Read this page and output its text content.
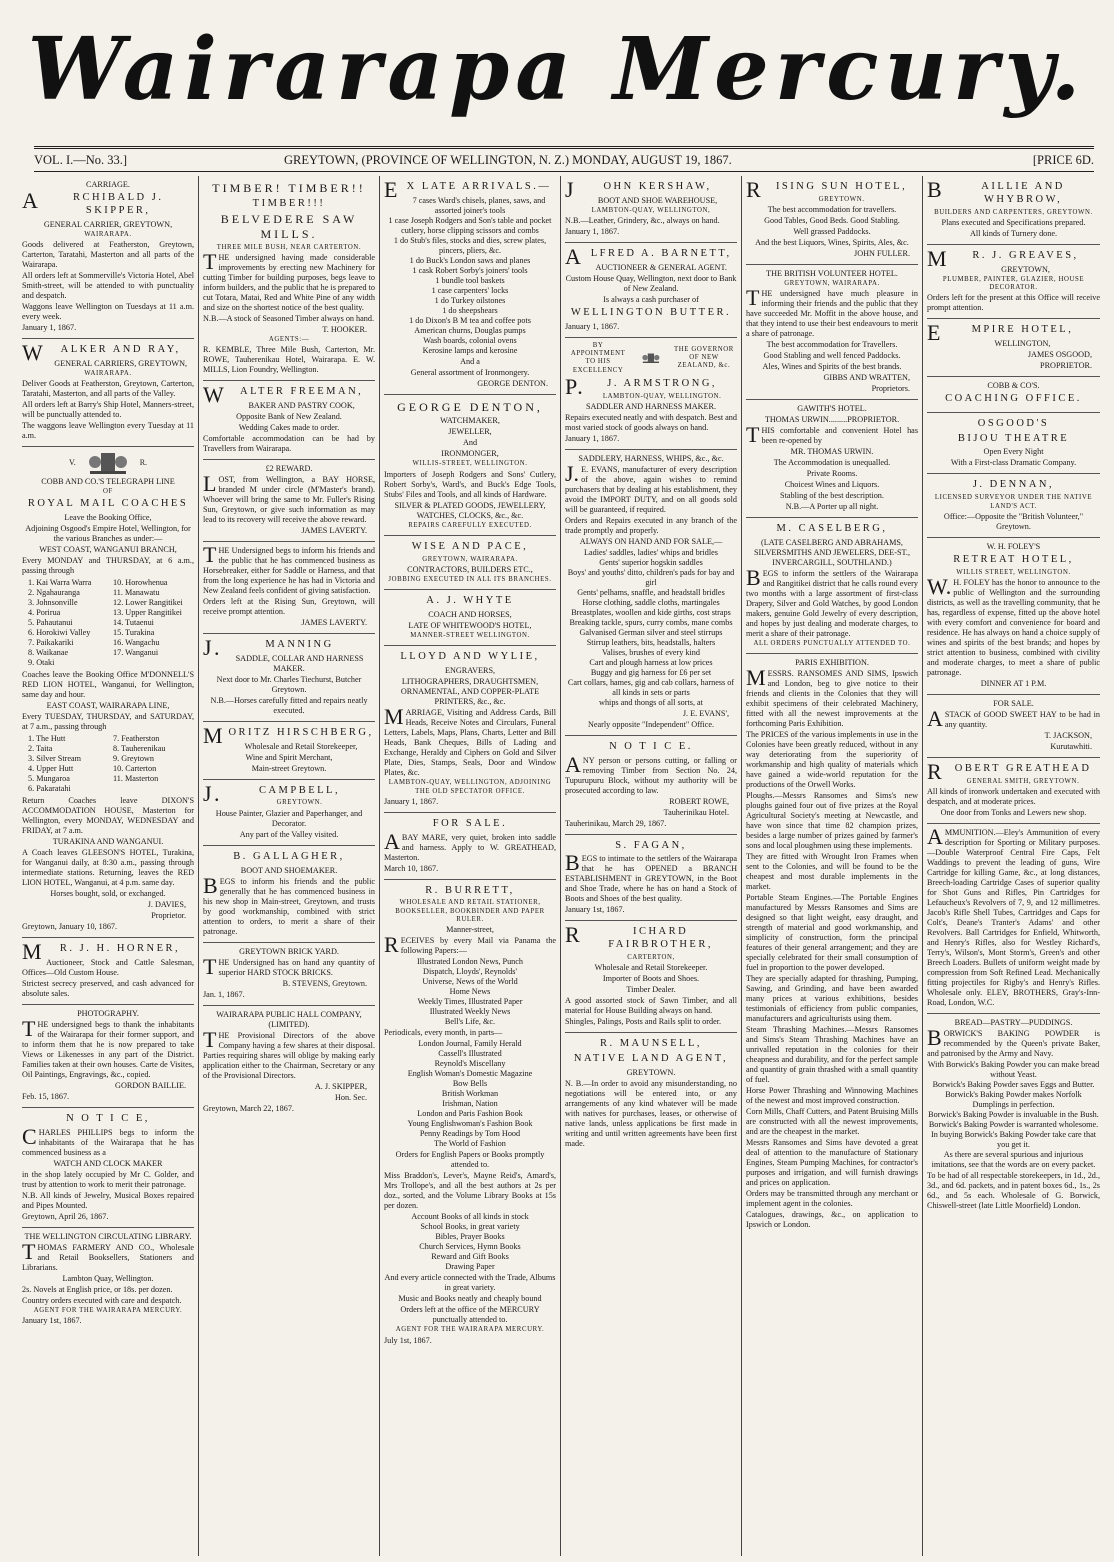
Wairarapa Mercury.
VOL. I.—No. 33.]	GREYTOWN, (PROVINCE OF WELLINGTON, N. Z.) MONDAY, AUGUST 19, 1867.	[PRICE 6D.
CARRIAGE.
ARCHIBALD J. SKIPPER,
GENERAL CARRIER, GREYTOWN,
WAIRARAPA.
Goods delivered at Featherston, Greytown, Carterton, Taratahi, Masterton and all parts of the Wairarapa.
All orders left at Sommerville's Victoria Hotel, Abel Smith-street, will be attended to with punctuality and despatch.
Waggons leave Wellington on Tuesdays at 11 a.m. every week.
January 1, 1867.
WALKER AND RAY,
GENERAL CARRIERS, GREYTOWN,
WAIRARAPA.
Deliver Goods at Featherston, Greytown, Carterton, Taratahi, Masterton, and all parts of the Valley.
All orders left at Barry's Ship Hotel, Manners-street, will be punctually attended to.
The waggons leave Wellington every Tuesday at 11 a.m.
V.	R.
COBB AND CO.'S TELEGRAPH LINE
OF
ROYAL MAIL COACHES
Leave the Booking Office,
Adjoining Osgood's Empire Hotel, Wellington, for the various Branches as under:—
WEST COAST, WANGANUI BRANCH,
Every MONDAY and THURSDAY, at 6 a.m., passing through
1. Kai Warra Warra	10. Horowhenua
2. Ngahauranga	11. Manawatu
3. Johnsonville	12. Lower Rangitikei
4. Porirua	13. Upper Rangitikei
5. Pahautanui	14. Tutaenui
6. Horokiwi Valley	15. Turakina
7. Paikakariki	16. Wangachu
8. Waikanae	17. Wanganui
9. Otaki
Coaches leave the Booking Office M'DONNELL'S RED LION HOTEL, Wanganui, for Wellington, same day and hour.
EAST COAST, WAIRARAPA LINE,
Every TUESDAY, THURSDAY, and SATURDAY, at 7 a.m., passing through
1. The Hutt	7. Featherston
2. Taita	8. Tauherenikau
3. Silver Stream	9. Greytown
4. Upper Hutt	10. Carterton
5. Mungaroa	11. Masterton
6. Pakaratahi
Return Coaches leave DIXON'S ACCOMMODATION HOUSE, Masterton for Wellington, every MONDAY, WEDNESDAY and FRIDAY, at 7 a.m.
TURAKINA AND WANGANUI.
A Coach leaves GLEESON'S HOTEL, Turakina, for Wanganui daily, at 8:30 a.m., passing through intermediate stations. Returning, leaves the RED LION HOTEL, Wanganui, at 4 p.m. same day.
Horses bought, sold, or exchanged.
J. DAVIES,
Proprietor.
Greytown, January 10, 1867.
MR. J. H. HORNER,
Auctioneer, Stock and Cattle Salesman, Offices—Old Custom House.
Strictest secrecy preserved, and cash advanced for absolute sales.
PHOTOGRAPHY.
THE undersigned begs to thank the inhabitants of the Wairarapa for their former support, and to inform them that he is now prepared to take Views or Likenesses in any part of the District. Families taken at their own houses. Carte de Visites, Oil Paintings, Engravings, &c., copied.
GORDON BAILLIE.
Feb. 15, 1867.
N O T I C E,
CHARLES PHILLIPS begs to inform the inhabitants of the Wairarapa that he has commenced business as a
WATCH AND CLOCK MAKER
in the shop lately occupied by Mr C. Golder, and trust by attention to work to merit their patronage.
N.B. All kinds of Jewelry, Musical Boxes repaired and Pipes Mounted.
Greytown, April 26, 1867.
THE WELLINGTON CIRCULATING LIBRARY.
THOMAS FARMERY AND CO., Wholesale and Retail Booksellers, Stationers and Librarians.
Lambton Quay, Wellington.
2s. Novels at English price, or 18s. per dozen.
Country orders executed with care and despatch.
AGENT FOR THE WAIRARAPA MERCURY.
January 1st, 1867.
TIMBER! TIMBER!!
TIMBER!!!
BELVEDERE SAW MILLS.
THREE MILE BUSH, NEAR CARTERTON.
THE undersigned having made considerable improvements by erecting new Machinery for cutting Timber for building purposes, begs leave to inform builders, and the public that he is prepared to cut Totara, Matai, Red and White Pine of any width and size on the shortest notice of the best quality.
N.B.—A stock of Seasoned Timber always on hand.
T. HOOKER.
AGENTS:—
R. KEMBLE, Three Mile Bush, Carterton, Mr. ROWE, Tauherenikau Hotel, Wairarapa. E. W. MILLS, Lion Foundry, Wellington.
WALTER FREEMAN,
BAKER AND PASTRY COOK,
Opposite Bank of New Zealand.
Wedding Cakes made to order.
Comfortable accommodation can be had by Travellers from Wairarapa.
£2 REWARD.
LOST, from Wellington, a BAY HORSE, branded M under circle (M'Master's brand). Whoever will bring the same to Mr. Fuller's Rising Sun, Greytown, or give such information as may lead to its recovery will receive the above reward.
JAMES LAVERTY.
THE Undersigned begs to inform his friends and the public that he has commenced business as Horsebreaker, either for Saddle or Harness, and that from the long experience he has had in Victoria and New Zealand feels confident of giving satisfaction.
Orders left at the Rising Sun, Greytown, will receive prompt attention.
JAMES LAVERTY.
J.MANNING
SADDLE, COLLAR AND HARNESS MAKER.
Next door to Mr. Charles Tiechurst, Butcher Greytown.
N.B.—Horses carefully fitted and repairs neatly executed.
MORITZ HIRSCHBERG,
Wholesale and Retail Storekeeper,
Wine and Spirit Merchant,
Main-street Greytown.
J.CAMPBELL,
GREYTOWN.
House Painter, Glazier and Paperhanger, and Decorator.
Any part of the Valley visited.
B. GALLAGHER,
BOOT AND SHOEMAKER.
BEGS to inform his friends and the public generally that he has commenced business in his new shop in Main-street, Greytown, and trusts by good workmanship, combined with strict attention to orders, to merit a share of their patronage.
GREYTOWN BRICK YARD.
THE Undersigned has on hand any quantity of superior HARD STOCK BRICKS.
B. STEVENS, Greytown.
Jan. 1, 1867.
WAIRARAPA PUBLIC HALL COMPANY, (LIMITED).
THE Provisional Directors of the above Company having a few shares at their disposal. Parties requiring shares will oblige by making early application either to the Chairman, Secretary or any of the Provisional Directors.
A. J. SKIPPER,
Hon. Sec.
Greytown, March 22, 1867.
EX LATE ARRIVALS.—
7 cases Ward's chisels, planes, saws, and assorted joiner's tools
1 case Joseph Rodgers and Son's table and pocket cutlery, horse clipping scissors and combs
1 do Stub's files, stocks and dies, screw plates, pincers, pliers, &c.
1 do Buck's London saws and planes
1 cask Robert Sorby's joiners' tools
1 bundle tool baskets
1 case carpenters' locks
1 do Turkey oilstones
1 do sheepshears
1 do Dixon's B M tea and coffee pots
American churns, Douglas pumps
Wash boards, colonial ovens
Kerosine lamps and kerosine
And a
General assortment of Ironmongery.
GEORGE DENTON.
GEORGE DENTON,
WATCHMAKER,
JEWELLER,
And
IRONMONGER,
WILLIS-STREET, WELLINGTON.
Importers of Joseph Rodgers and Sons' Cutlery, Robert Sorby's, Ward's, and Buck's Edge Tools, Stubs' Files and Tools, and all kinds of Hardware.
SILVER & PLATED GOODS, JEWELLERY, WATCHES, CLOCKS, &c., &c.
REPAIRS CAREFULLY EXECUTED.
WISE AND PACE,
GREYTOWN, WAIRARAPA.
CONTRACTORS, BUILDERS ETC.,
JOBBING EXECUTED IN ALL ITS BRANCHES.
A. J. WHYTE
COACH AND HORSES,
LATE OF WHITEWOOD'S HOTEL,
MANNER-STREET WELLINGTON.
LLOYD AND WYLIE,
ENGRAVERS,
LITHOGRAPHERS, DRAUGHTSMEN, ORNAMENTAL, AND COPPER-PLATE PRINTERS, &c., &c.
MARRIAGE, Visiting and Address Cards, Bill Heads, Receive Notes and Circulars, Funeral Letters, Labels, Maps, Plans, Charts, Letter and Bill Heads, Bank Cheques, Bills of Lading and Exchange, Heraldy and Ciphers on Gold and Silver Plate, Dies, Stamps, Seals, Door and Window Plates, &c.
LAMBTON-QUAY, WELLINGTON, ADJOINING THE OLD SPECTATOR OFFICE.
January 1, 1867.
FOR SALE.
ABAY MARE, very quiet, broken into saddle and harness. Apply to W. GREATHEAD, Masterton.
March 10, 1867.
R. BURRETT,
WHOLESALE AND RETAIL STATIONER, BOOKSELLER, BOOKBINDER AND PAPER RULER.
Manner-street,
RECEIVES by every Mail via Panama the following Papers:—
Illustrated London News, Punch
Dispatch, Lloyds', Reynolds'
Universe, News of the World
Home News
Weekly Times, Illustrated Paper
Illustrated Weekly News
Bell's Life, &c.
Periodicals, every month, in parts—
London Journal, Family Herald
Cassell's Illustrated
Reynold's Miscellany
English Woman's Domestic Magazine
Bow Bells
British Workman
Irishman, Nation
London and Paris Fashion Book
Young Englishwoman's Fashion Book
Penny Readings by Tom Hood
The World of Fashion
Orders for English Papers or Books promptly attended to.
Miss Braddon's, Lever's, Mayne Reid's, Amard's, Mrs Trollope's, and all the best authors at 2s per doz., sorted, and the Volume Library Books at 15s per dozen.
Account Books of all kinds in stock
School Books, in great variety
Bibles, Prayer Books
Church Services, Hymn Books
Reward and Gift Books
Drawing Paper
And every article connected with the Trade, Albums in great variety.
Music and Books neatly and cheaply bound
Orders left at the office of the MERCURY punctually attended to.
AGENT FOR THE WAIRARAPA MERCURY.
July 1st, 1867.
JOHN KERSHAW,
BOOT AND SHOE WAREHOUSE,
LAMBTON-QUAY, WELLINGTON,
N.B.—Leather, Grindery, &c., always on hand.
January 1, 1867.
ALFRED A. BARNETT,
AUCTIONEER & GENERAL AGENT.
Custom House Quay, Wellington, next door to Bank of New Zealand.
Is always a cash purchaser of
WELLINGTON BUTTER.
January 1, 1867.
BY APPOINTMENT TO HIS EXCELLENCY
THE GOVERNOR OF NEW ZEALAND, &c.
P.J. ARMSTRONG,
LAMBTON-QUAY, WELLINGTON.
SADDLER AND HARNESS MAKER.
Repairs executed neatly and with despatch. Best and most varied stock of goods always on hand.
January 1, 1867.
SADDLERY, HARNESS, WHIPS, &c., &c.
J.E. EVANS, manufacturer of every description of the above, again wishes to remind purchasers that by dealing at his establishment, they avoid the IMPORT DUTY, and on all goods sold will be guaranteed, if required.
Orders and Repairs executed in any branch of the trade promptly and properly.
ALWAYS ON HAND AND FOR SALE,—
Ladies' saddles, ladies' whips and bridles
Gents' superior hogskin saddles
Boys' and youths' ditto, children's pads for bay and girl
Gents' pelhams, snaffle, and headstall bridles
Horse clothing, saddle cloths, martingales
Breastplates, woollen and kide girths, cost straps
Breaking tackle, spurs, curry combs, mane combs
Galvanised German silver and steel stirrups
Stirrup leathers, bits, headstalls, halters
Valises, brushes of every kind
Cart and plough harness at low prices
Buggy and gig harness for £6 per set
Cart collars, hames, gig and cab collars, harness of all kinds in sets or parts
whips and thongs of all sorts, at
J. E. EVANS',
Nearly opposite "Independent" Office.
N O T I C E.
ANY person or persons cutting, or falling or removing Timber from Section No. 24, Tupurupuru Block, without my authority will be prosecuted according to law.
ROBERT ROWE,
Tauherinikau Hotel.
Tauherinikau, March 29, 1867.
S. FAGAN,
BEGS to intimate to the settlers of the Wairarapa that he has OPENED a BRANCH ESTABLISHMENT in GREYTOWN, in the Boot and Shoe Trade, where he has on hand a Stock of Boots and Shoes of the best quality.
January 1st, 1867.
RICHARD FAIRBROTHER,
CARTERTON,
Wholesale and Retail Storekeeper.
Importer of Boots and Shoes.
Timber Dealer.
A good assorted stock of Sawn Timber, and all material for House Building always on hand.
Shingles, Palings, Posts and Rails split to order.
R. MAUNSELL,
NATIVE LAND AGENT,
GREYTOWN.
N. B.—In order to avoid any misunderstanding, no negotiations will be entered into, or any arrangements of any kind whatever will be made with natives for purchases, leases, or otherwise of native lands, unless applications be first made in writing and until written agreements have been first made.
RISING SUN HOTEL,
GREYTOWN.
The best accommodation for travellers.
Good Tables, Good Beds. Good Stabling.
Well grassed Paddocks.
And the best Liquors, Wines, Spirits, Ales, &c.
JOHN FULLER.
THE BRITISH VOLUNTEER HOTEL.
GREYTOWN, WAIRARAPA.
THE undersigned have much pleasure in informing their friends and the public that they have succeeded Mr. Moffit in the above house, and that they intend to use their best endeavours to merit a share of patronage.
The best accommodation for Travellers.
Good Stabling and well fenced Paddocks.
Ales, Wines and Spirits of the best brands.
GIBBS AND WRATTEN,
Proprietors.
GAWITH'S HOTEL.
THOMAS URWIN.........PROPRIETOR.
THIS comfortable and convenient Hotel has been re-opened by
MR. THOMAS URWIN.
The Accommodation is unequalled.
Private Rooms.
Choicest Wines and Liquors.
Stabling of the best description.
N.B.—A Porter up all night.
M. CASELBERG,
(LATE CASELBERG AND ABRAHAMS, SILVERSMITHS AND JEWELERS, DEE-ST., INVERCARGILL, SOUTHLAND.)
BEGS to inform the settlers of the Wairarapa and Rangitikei district that he calls round every two months with a large assortment of first-class Drapery, Silver and Gold Watches, by good London makers, genuine Gold Jewelry of every description, and hopes by just dealing and moderate charges, to merit a share of their patronage.
ALL ORDERS PUNCTUALLY ATTENDED TO.
PARIS EXHIBITION.
MESSRS. RANSOMES AND SIMS, Ipswich and London, beg to give notice to their friends and clients in the Colonies that they will exhibit specimens of their celebrated Machinery, fitted with all the newest improvements at the forthcoming Paris Exhibition.
The PRICES of the various implements in use in the Colonies have been greatly reduced, without in any way deteriorating from the superiority of workmanship and high quality of materials which have gained a wide-world reputation for the productions of the Orwell Works.
Ploughs.—Messrs Ransomes and Sims's new ploughs gained four out of five prizes at the Royal Agricultural Society's meeting at Newcastle, and have won since that time 82 champion prizes, besides a large number of prizes gained by farmer's sons and local ploughmen using these implements.
They are fitted with Wrought Iron Frames when sent to the Colonies, and will be found to be the cheapest and most durable implements in the market.
Portable Steam Engines.—The Portable Engines manufactured by Messrs Ransomes and Sims are designed so that light weight, easy draught, and strength of material and good workmanship, and simplicity of construction, form the principal features of their general arrangement; and they are specially celebrated for their small consumption of fuel in proportion to the power developed.
They are specially adapted for thrashing, Pumping, Sawing, and Grinding, and have been awarded many prices at various exhibitions, besides testimonials of efficiency from public companies, manufacturers and agriculturists using them.
Steam Thrashing Machines.—Messrs Ransomes and Sims's Steam Thrashing Machines have an unrivalled reputation in the colonies for their cheapness and durability, and for the perfect sample and quantity of grain thrashed with a small quantity of fuel.
Horse Power Thrashing and Winnowing Machines of the newest and most improved construction.
Corn Mills, Chaff Cutters, and Patent Bruising Mills are constructed with all the newest improvements, and are the cheapest in the market.
Messrs Ransomes and Sims have devoted a great deal of attention to the manufacture of Stationary Engines, Steam Pumping Machines, for contractor's purposes and irrigation, and will furnish drawings and prices on application.
Orders may be transmitted through any merchant or implement agent in the colonies.
Catalogues, drawings, &c., on application to Ipswich or London.
BAILLIE AND WHYBROW,
BUILDERS AND CARPENTERS, GREYTOWN.
Plans executed and Specifications prepared.
All kinds of Turnery done.
MR. J. GREAVES,
GREYTOWN,
PLUMBER, PAINTER, GLAZIER, HOUSE DECORATOR.
Orders left for the present at this Office will receive prompt attention.
EMPIRE HOTEL,
WELLINGTON,
JAMES OSGOOD,
PROPRIETOR.
COBB & CO'S.
COACHING OFFICE.
OSGOOD'S
BIJOU THEATRE
Open Every Night
With a First-class Dramatic Company.
J. DENNAN,
LICENSED SURVEYOR UNDER THE NATIVE LAND'S ACT.
Office:—Opposite the "British Volunteer," Greytown.
W. H. FOLEY'S
RETREAT HOTEL,
WILLIS STREET, WELLINGTON.
W.H. FOLEY has the honor to announce to the public of Wellington and the surrounding districts, as well as the travelling community, that he has, regardless of expense, fitted up the above hotel with every comfort and convenience for board and residence. He has always on hand a choice supply of wines and spirits of the best brands; and hopes by strict attention to business, combined with civility and moderate charges, to meet a share of public patronage.
DINNER AT 1 P.M.
FOR SALE.
ASTACK of GOOD SWEET HAY to be had in any quantity.
T. JACKSON,
Kurutawhiti.
ROBERT GREATHEAD
GENERAL SMITH, GREYTOWN.
All kinds of ironwork undertaken and executed with despatch, and at moderate prices.
One door from Tonks and Lewers new shop.
AMMUNITION.—Eley's Ammunition of every description for Sporting or Military purposes.—Double Waterproof Central Fire Caps, Felt Waddings to prevent the leading of guns, Wire Cartridge for killing Game, &c., at long distances, Breech-loading Cartridge Cases of superior quality for Shot Guns and Rifles, Pin Cartridges for Lefaucheux's Revolvers of 7, 9, and 12 millimetres. Jacob's Rifle Shell Tubes, Cartridges and Caps for Colt's, Deane's Tranter's Adams' and other Revolvers. Ball Cartridges for Enfield, Whitworth, and Henry's Rifles, also for Westley Richard's, Terry's, Wilson's, Mont Storm's, Green's and other Breech Loaders. Bullets of uniform weight made by compression from Soft Refined Lead. Mechanically fitting projectiles for Rigby's and Henry's Rifles. Wholesale only. ELEY, BROTHERS, Gray's-Inn-Road, London, W.C.
BREAD—PASTRY—PUDDINGS.
BORWICK'S BAKING POWDER is recommended by the Queen's private Baker, and patronised by the Army and Navy.
With Borwick's Baking Powder you can make bread without Yeast.
Borwick's Baking Powder saves Eggs and Butter.
Borwick's Baking Powder makes Norfolk Dumplings in perfection.
Borwick's Baking Powder is invaluable in the Bush.
Borwick's Baking Powder is warranted wholesome.
In buying Borwick's Baking Powder take care that you get it.
As there are several spurious and injurious imitations, see that the words are on every packet.
To be had of all respectable storekeepers, in 1d., 2d., 3d., and 6d. packets, and in patent boxes 6d., 1s., 2s 6d., and 5s each. Wholesale of G. Borwick, Chiswell-street (late Little Moorfield) London.
